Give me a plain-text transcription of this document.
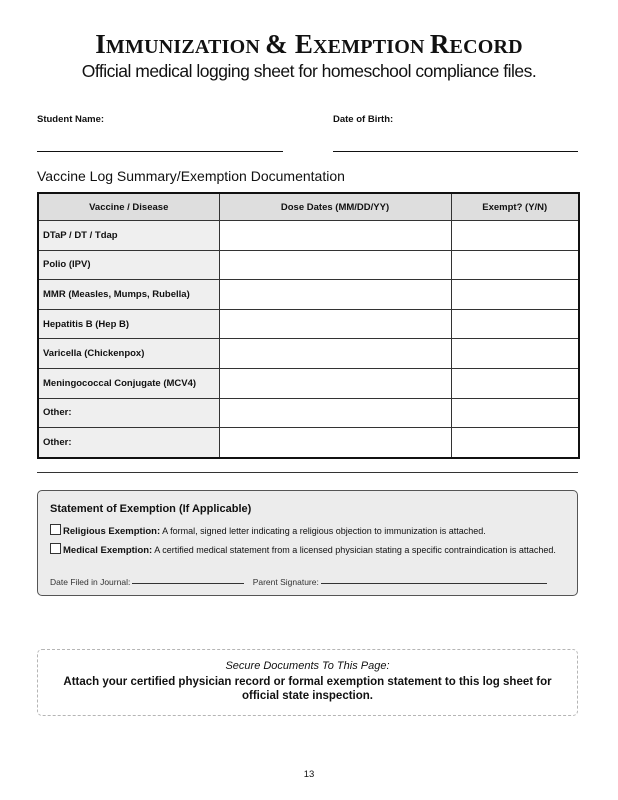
IMMUNIZATION & EXEMPTION RECORD
Official medical logging sheet for homeschool compliance files.
Student Name:	Date of Birth:
Vaccine Log Summary/Exemption Documentation
Vaccine / Disease	Dose Dates (MM/DD/YY)	Exempt? (Y/N)
DTaP / DT / Tdap		
Polio (IPV)		
MMR (Measles, Mumps, Rubella)		
Hepatitis B (Hep B)		
Varicella (Chickenpox)		
Meningococcal Conjugate (MCV4)		
Other:		
Other:		
Statement of Exemption (If Applicable)
Religious Exemption: A formal, signed letter indicating a religious objection to immunization is attached.
Medical Exemption: A certified medical statement from a licensed physician stating a specific contraindication is attached.
Date Filed in Journal:	Parent Signature:
Secure Documents To This Page:
Attach your certified physician record or formal exemption statement to this log sheet for official state inspection.
13
